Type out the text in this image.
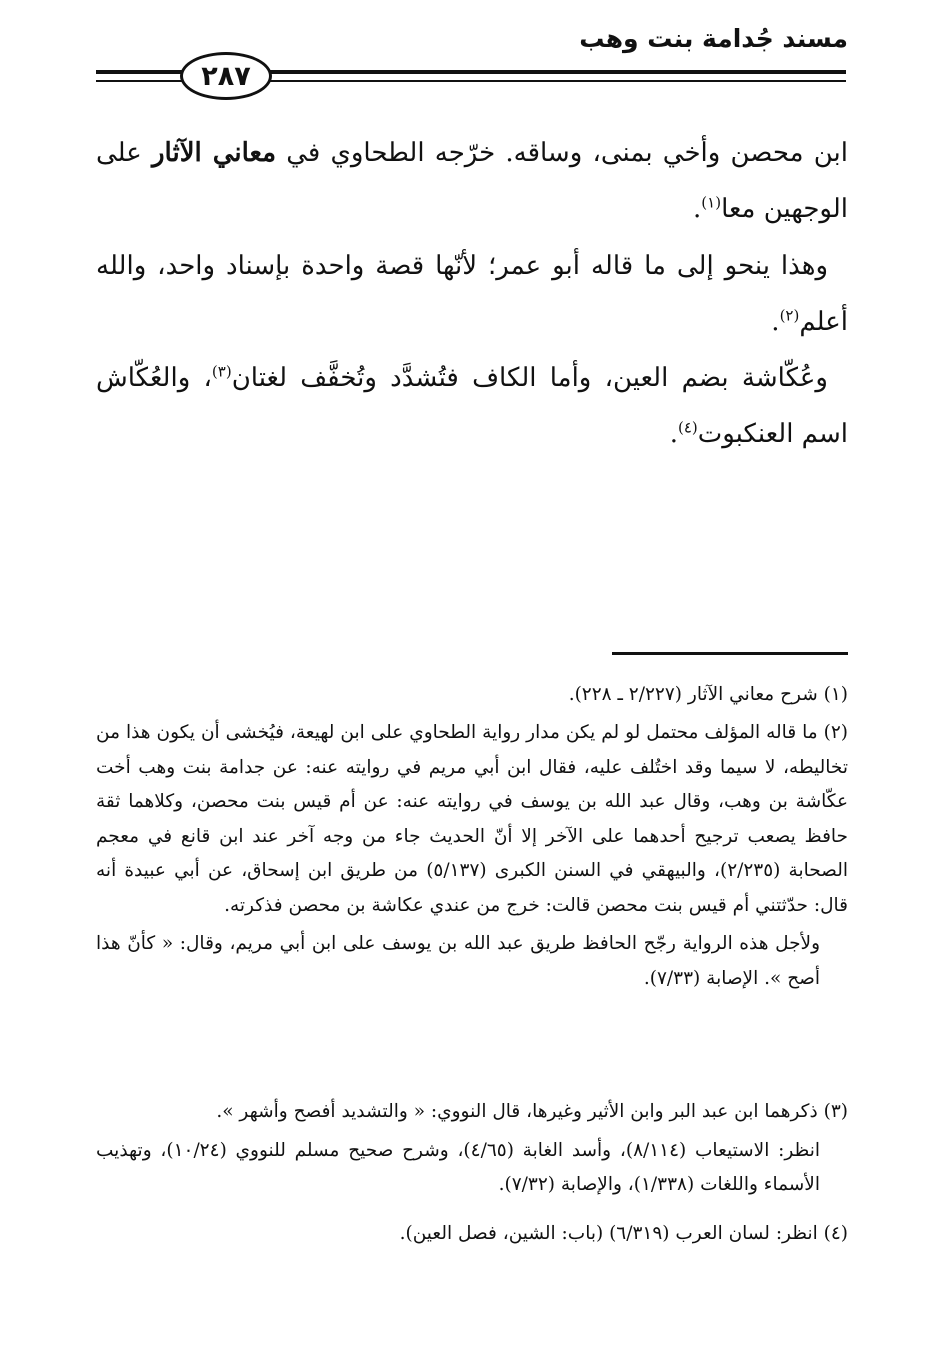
مسند جُدامة بنت وهب
٢٨٧

ابن محصن وأخي بمنى، وساقه. خرّجه الطحاوي في معاني الآثار على الوجهين معا$^{(١)}$.

وهذا ينحو إلى ما قاله أبو عمر؛ لأنّها قصة واحدة بإسناد واحد، والله أعلم$^{(٢)}$.

وعُكّاشة بضم العين، وأما الكاف فتُشدَّد وتُخفَّف لغتان$^{(٣)}$، والعُكّاش اسم العنكبوت$^{(٤)}$.

(١) شرح معاني الآثار (٢/٢٢٧ ـ ٢٢٨).

(٢) ما قاله المؤلف محتمل لو لم يكن مدار رواية الطحاوي على ابن لهيعة، فيُخشى أن يكون هذا من تخاليطه، لا سيما وقد اختُلف عليه، فقال ابن أبي مريم في روايته عنه: عن جدامة بنت وهب أخت عكّاشة بن وهب، وقال عبد الله بن يوسف في روايته عنه: عن أم قيس بنت محصن، وكلاهما ثقة حافظ يصعب ترجيح أحدهما على الآخر إلا أنّ الحديث جاء من وجه آخر عند ابن قانع في معجم الصحابة (٢/٢٣٥)، والبيهقي في السنن الكبرى (٥/١٣٧) من طريق ابن إسحاق، عن أبي عبيدة أنه قال: حدّثتني أم قيس بنت محصن قالت: خرج من عندي عكاشة بن محصن فذكرته.

ولأجل هذه الرواية رجّح الحافظ طريق عبد الله بن يوسف على ابن أبي مريم، وقال: « كأنّ هذا أصح ». الإصابة (٧/٣٣).

(٣) ذكرهما ابن عبد البر وابن الأثير وغيرها، قال النووي: « والتشديد أفصح وأشهر ».

انظر: الاستيعاب (٨/١١٤)، وأسد الغابة (٤/٦٥)، وشرح صحيح مسلم للنووي (١٠/٢٤)، وتهذيب الأسماء واللغات (١/٣٣٨)، والإصابة (٧/٣٢).

(٤) انظر: لسان العرب (٦/٣١٩) (باب: الشين، فصل العين).
